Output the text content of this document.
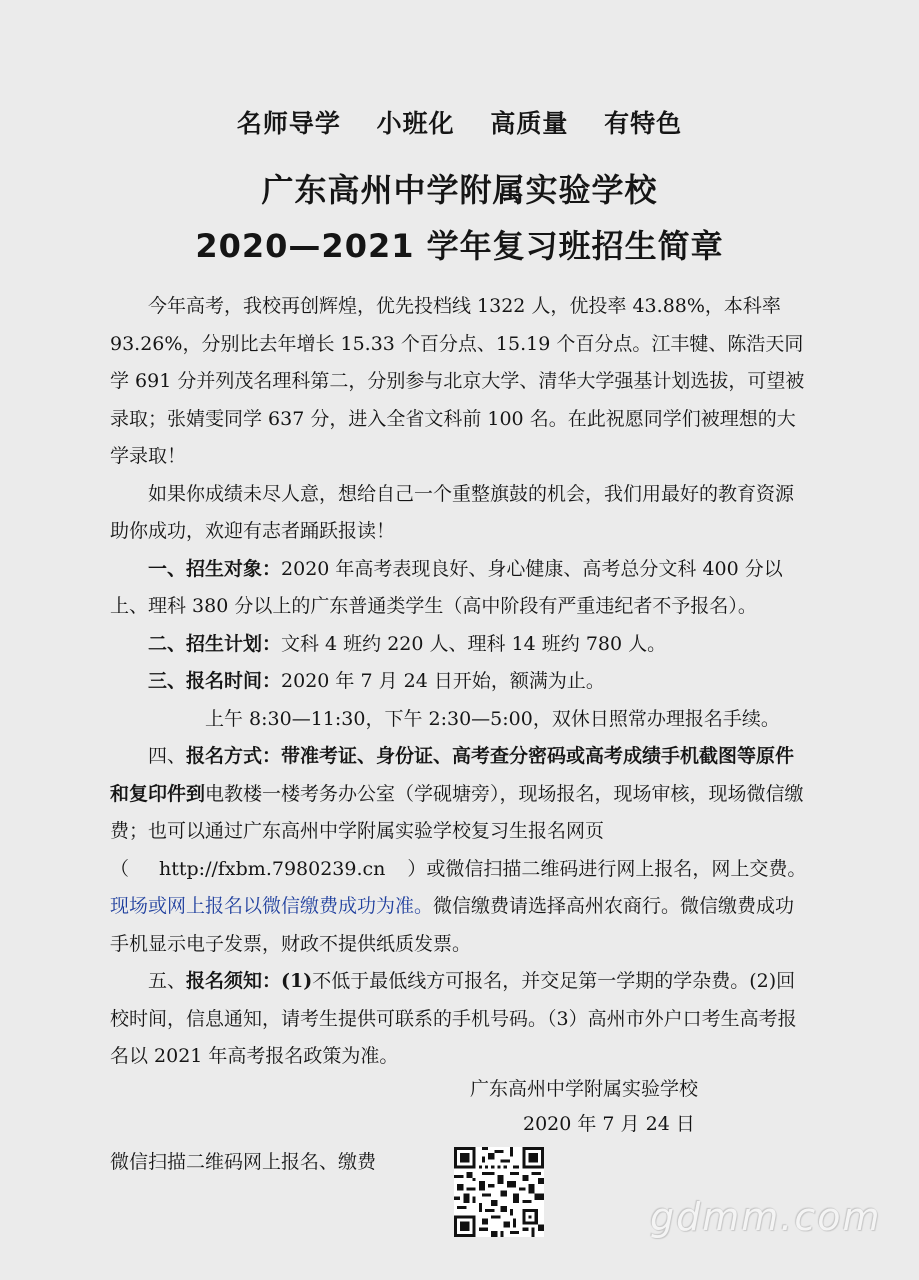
名师导学 小班化 高质量 有特色
广东高州中学附属实验学校
2020—2021 学年复习班招生简章

今年高考，我校再创辉煌，优先投档线 1322 人，优投率 43.88%，本科率 93.26%，分别比去年增长 15.33 个百分点、15.19 个百分点。江丰犍、陈浩天同学 691 分并列茂名理科第二，分别参与北京大学、清华大学强基计划选拔，可望被录取；张婧雯同学 637 分，进入全省文科前 100 名。在此祝愿同学们被理想的大学录取！

如果你成绩未尽人意，想给自己一个重整旗鼓的机会，我们用最好的教育资源助你成功，欢迎有志者踊跃报读！

一、招生对象：2020 年高考表现良好、身心健康、高考总分文科 400 分以上、理科 380 分以上的广东普通类学生（高中阶段有严重违纪者不予报名）。

二、招生计划：文科 4 班约 220 人、理科 14 班约 780 人。

三、报名时间：2020 年 7 月 24 日开始，额满为止。

上午 8:30—11:30，下午 2:30—5:00，双休日照常办理报名手续。

四、报名方式：带准考证、身份证、高考查分密码或高考成绩手机截图等原件和复印件到电教楼一楼考务办公室（学砚塘旁），现场报名，现场审核，现场微信缴费；也可以通过广东高州中学附属实验学校复习生报名网页（ http://fxbm.7980239.cn ）或微信扫描二维码进行网上报名，网上交费。现场或网上报名以微信缴费成功为准。微信缴费请选择高州农商行。微信缴费成功手机显示电子发票，财政不提供纸质发票。

五、报名须知：(1)不低于最低线方可报名，并交足第一学期的学杂费。(2)回校时间，信息通知，请考生提供可联系的手机号码。（3）高州市外户口考生高考报名以 2021 年高考报名政策为准。

广东高州中学附属实验学校
2020 年 7 月 24 日
微信扫描二维码网上报名、缴费
gdmm.com
